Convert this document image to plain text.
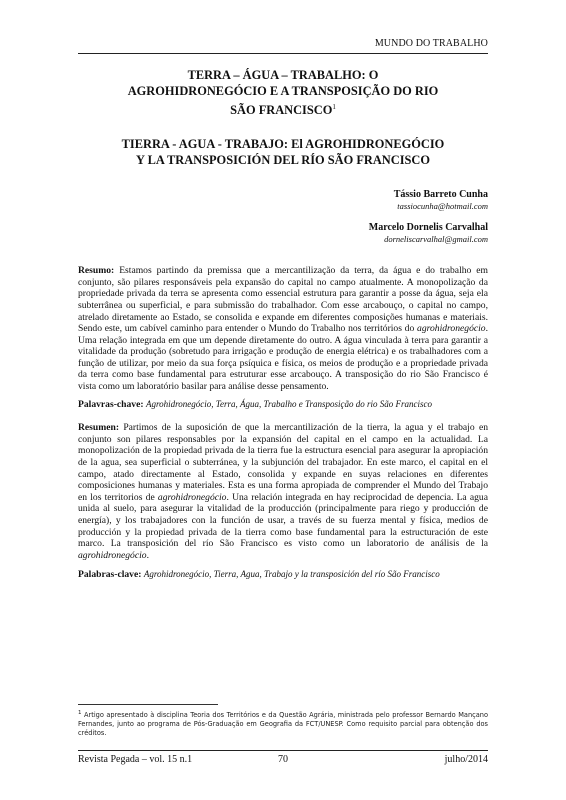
MUNDO DO TRABALHO
TERRA – ÁGUA – TRABALHO: O
AGROHIDRONEGÓCIO E A TRANSPOSIÇÃO DO RIO
SÃO FRANCISCO$^1$
TIERRA - AGUA - TRABAJO: El AGROHIDRONEGÓCIO
Y LA TRANSPOSICIÓN DEL RÍO SÃO FRANCISCO
Tássio Barreto Cunha
tassiocunha@hotmail.com
Marcelo Dornelis Carvalhal
dorneliscarvalhal@gmail.com
Resumo: Estamos partindo da premissa que a mercantilização da terra, da água e do trabalho em conjunto, são pilares responsáveis pela expansão do capital no campo atualmente. A monopolização da propriedade privada da terra se apresenta como essencial estrutura para garantir a posse da água, seja ela subterrânea ou superficial, e para submissão do trabalhador. Com esse arcabouço, o capital no campo, atrelado diretamente ao Estado, se consolida e expande em diferentes composições humanas e materiais. Sendo este, um cabível caminho para entender o Mundo do Trabalho nos territórios do agrohidronegócio. Uma relação integrada em que um depende diretamente do outro. A água vinculada à terra para garantir a vitalidade da produção (sobretudo para irrigação e produção de energia elétrica) e os trabalhadores com a função de utilizar, por meio da sua força psíquica e física, os meios de produção e a propriedade privada da terra como base fundamental para estruturar esse arcabouço. A transposição do rio São Francisco é vista como um laboratório basilar para análise desse pensamento.
Palavras-chave: Agrohidronegócio, Terra, Água, Trabalho e Transposição do rio São Francisco
Resumen: Partimos de la suposición de que la mercantilización de la tierra, la agua y el trabajo en conjunto son pilares responsables por la expansión del capital en el campo en la actualidad. La monopolización de la propiedad privada de la tierra fue la estructura esencial para asegurar la apropiación de la agua, sea superficial o subterránea, y la subjunción del trabajador. En este marco, el capital en el campo, atado directamente al Estado, consolida y expande en suyas relaciones en diferentes composiciones humanas y materiales. Esta es una forma apropiada de comprender el Mundo del Trabajo en los territorios de agrohidronegócio. Una relación integrada en hay reciprocidad de depencia. La agua unida al suelo, para asegurar la vitalidad de la producción (principalmente para riego y producción de energía), y los trabajadores con la función de usar, a través de su fuerza mental y física, medios de producción y la propiedad privada de la tierra como base fundamental para la estructuración de este marco. La transposición del río São Francisco es visto como un laboratorio de análisis de la agrohidronegócio.
Palabras-clave: Agrohidronegócio, Tierra, Agua, Trabajo y la transposición del río São Francisco
$^1$ Artigo apresentado à disciplina Teoria dos Territórios e da Questão Agrária, ministrada pelo professor Bernardo Mançano Fernandes, junto ao programa de Pós-Graduação em Geografia da FCT/UNESP. Como requisito parcial para obtenção dos créditos.
Revista Pegada – vol. 15 n.1	70	julho/2014
